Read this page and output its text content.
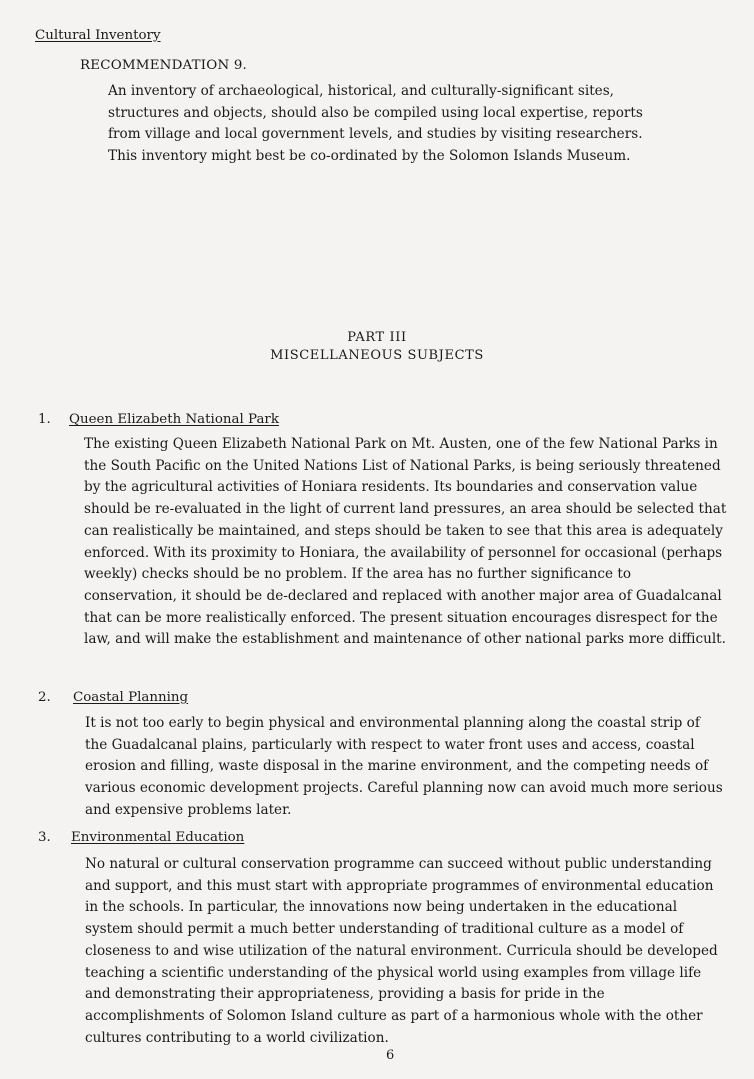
Cultural Inventory
RECOMMENDATION 9.

An inventory of archaeological, historical, and culturally-significant sites, structures and objects, should also be compiled using local expertise, reports from village and local government levels, and studies by visiting researchers. This inventory might best be co-ordinated by the Solomon Islands Museum.

PART III
MISCELLANEOUS SUBJECTS
1. Queen Elizabeth National Park

The existing Queen Elizabeth National Park on Mt. Austen, one of the few National Parks in the South Pacific on the United Nations List of National Parks, is being seriously threatened by the agricultural activities of Honiara residents. Its boundaries and conservation value should be re-evaluated in the light of current land pressures, an area should be selected that can realistically be maintained, and steps should be taken to see that this area is adequately enforced. With its proximity to Honiara, the availability of personnel for occasional (perhaps weekly) checks should be no problem. If the area has no further significance to conservation, it should be de-declared and replaced with another major area of Guadalcanal that can be more realistically enforced. The present situation encourages disrespect for the law, and will make the establishment and maintenance of other national parks more difficult.

2. Coastal Planning

It is not too early to begin physical and environmental planning along the coastal strip of the Guadalcanal plains, particularly with respect to water front uses and access, coastal erosion and filling, waste disposal in the marine environment, and the competing needs of various economic development projects. Careful planning now can avoid much more serious and expensive problems later.

3. Environmental Education

No natural or cultural conservation programme can succeed without public understanding and support, and this must start with appropriate programmes of environmental education in the schools. In particular, the innovations now being undertaken in the educational system should permit a much better understanding of traditional culture as a model of closeness to and wise utilization of the natural environment. Curricula should be developed teaching a scientific understanding of the physical world using examples from village life and demonstrating their appropriateness, providing a basis for pride in the accomplishments of Solomon Island culture as part of a harmonious whole with the other cultures contributing to a world civilization.

6
